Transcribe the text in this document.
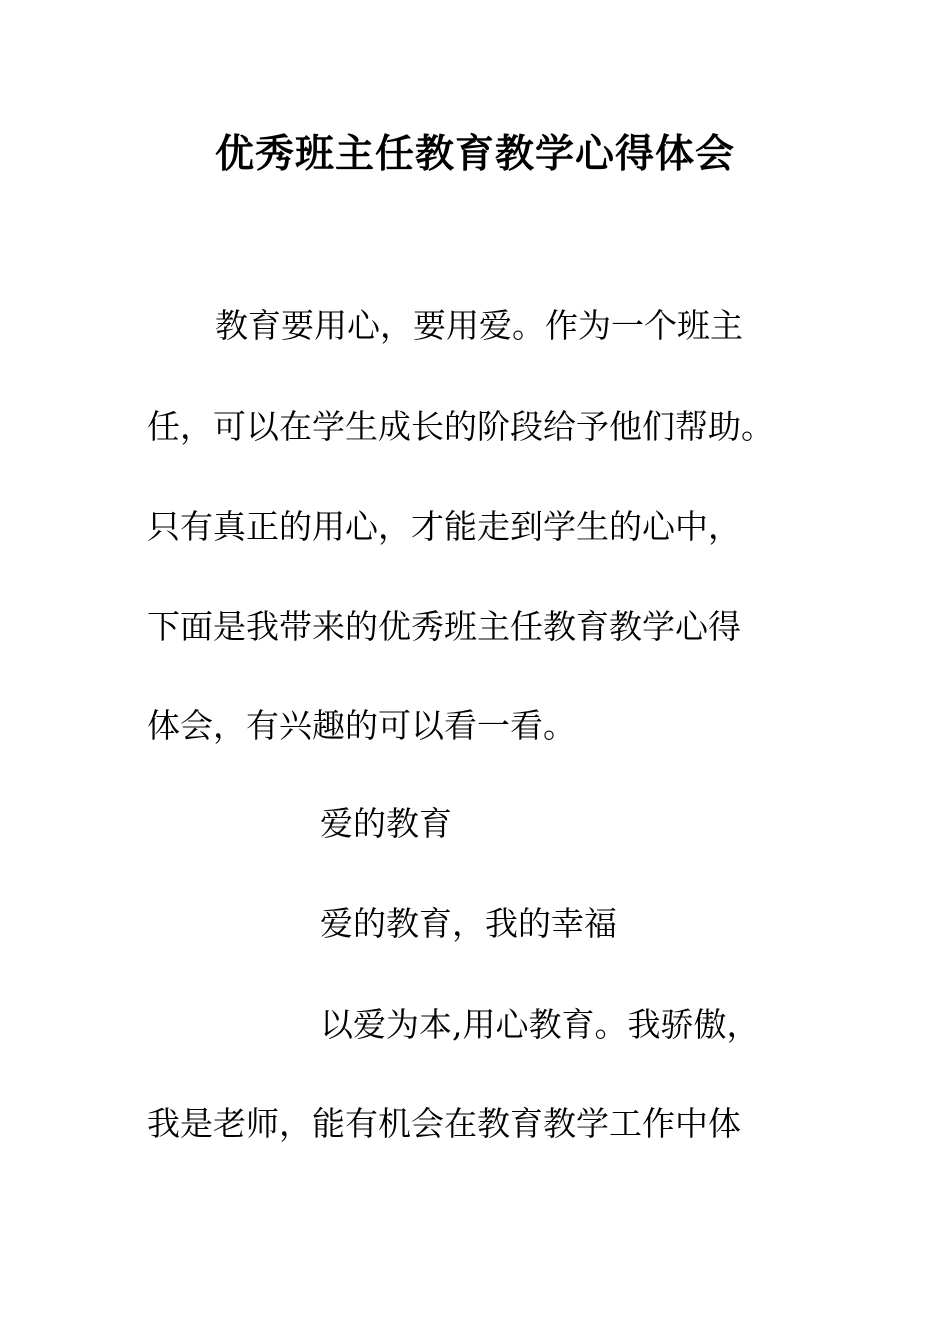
优秀班主任教育教学心得体会
教育要用心，要用爱。作为一个班主
任，可以在学生成长的阶段给予他们帮助。
只有真正的用心，才能走到学生的心中，
下面是我带来的优秀班主任教育教学心得
体会，有兴趣的可以看一看。
爱的教育
爱的教育，我的幸福
以爱为本,用心教育。我骄傲，
我是老师，能有机会在教育教学工作中体
